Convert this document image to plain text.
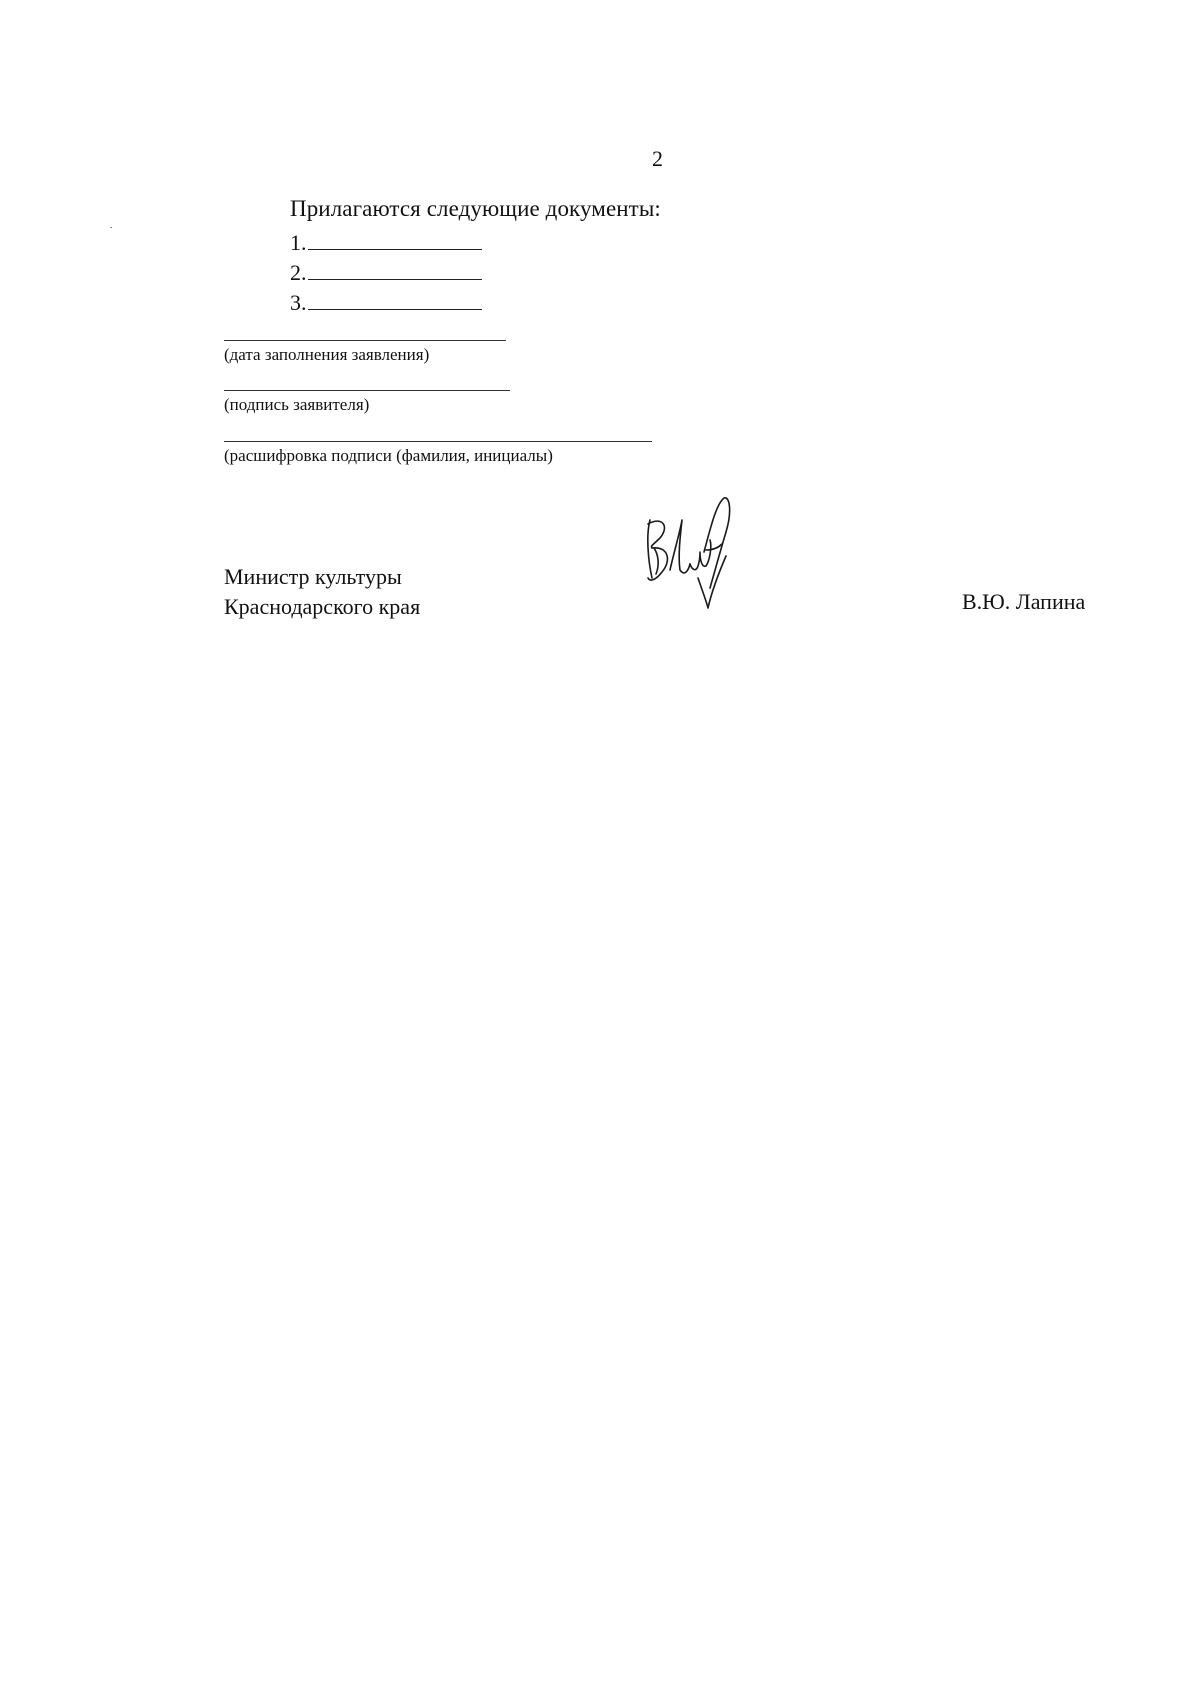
2
Прилагаются следующие документы:
1.
2.
3.
(дата заполнения заявления)
(подпись заявителя)
(расшифровка подписи (фамилия, инициалы)
Министр культуры
Краснодарского края	В.Ю. Лапина
